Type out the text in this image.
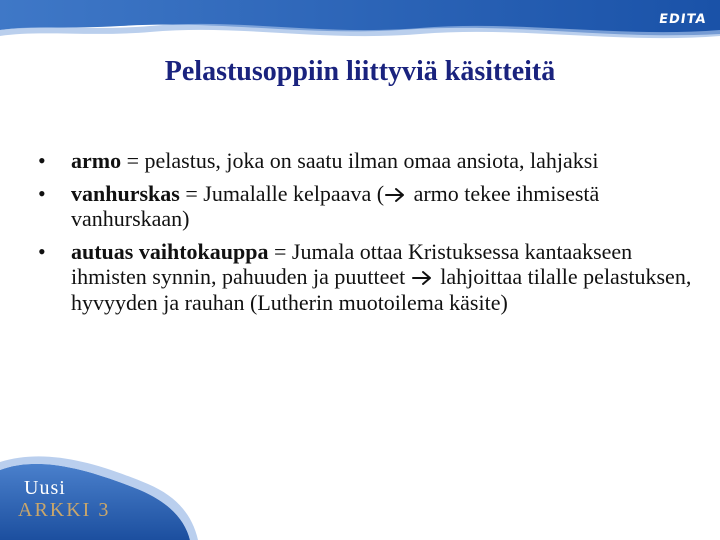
EDITA
Pelastusoppiin liittyviä käsitteitä
•	armo = pelastus, joka on saatu ilman omaa ansiota, lahjaksi
•	vanhurskas = Jumalalle kelpaava ( armo tekee ihmisestä vanhurskaan)
•	autuas vaihtokauppa = Jumala ottaa Kristuksessa kantaakseen ihmisten synnin, pahuuden ja puutteet  lahjoittaa tilalle pelastuksen, hyvyyden ja rauhan (Lutherin muotoilema käsite)
Uusi
ARKKI 3
